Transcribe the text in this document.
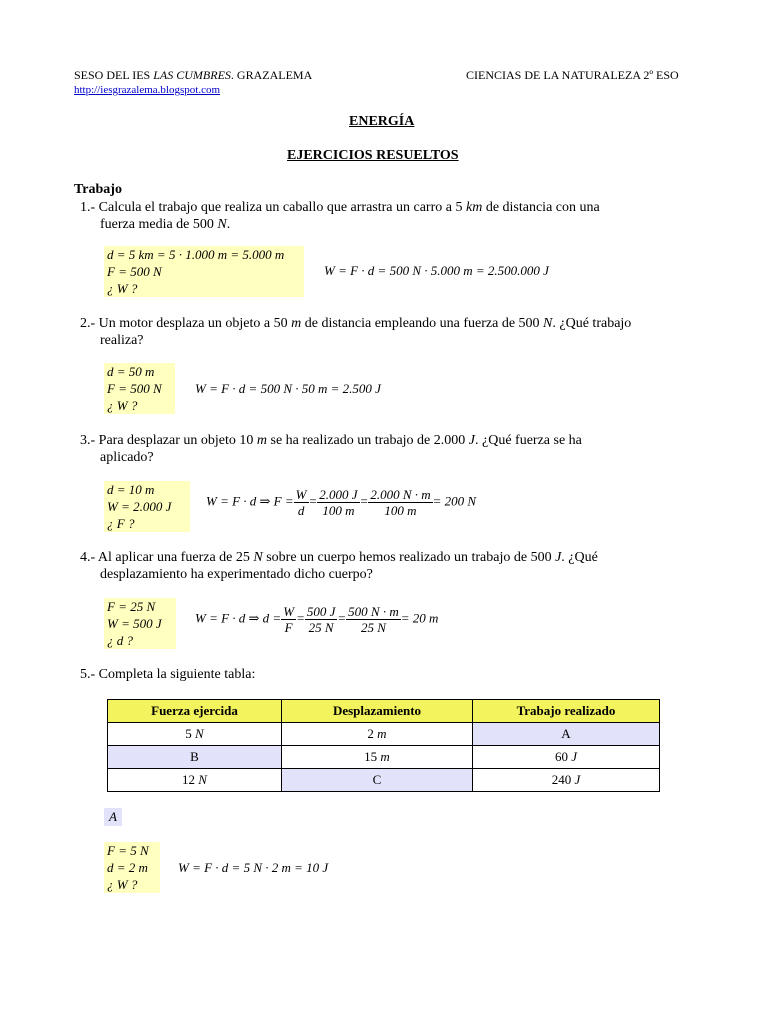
SESO DEL IES LAS CUMBRES. GRAZALEMA	CIENCIAS DE LA NATURALEZA 2º ESO
http://iesgrazalema.blogspot.com
ENERGÍA
EJERCICIOS RESUELTOS
Trabajo
1.- Calcula el trabajo que realiza un caballo que arrastra un carro a 5 km de distancia con una
fuerza media de 500 N.
d = 5 km = 5 · 1.000 m = 5.000 m
F = 500 N
¿ W ?
W = F · d = 500 N · 5.000 m = 2.500.000 J
2.- Un motor desplaza un objeto a 50 m de distancia empleando una fuerza de 500 N. ¿Qué trabajo
realiza?
d = 50 m
F = 500 N
¿ W ?
W = F · d = 500 N · 50 m = 2.500 J
3.- Para desplazar un objeto 10 m se ha realizado un trabajo de 2.000 J. ¿Qué fuerza se ha
aplicado?
d = 10 m
W = 2.000 J
¿ F ?
W = F · d ⇒ $F = \frac{W}{d} = \frac{2.000 J}{100 m} = \frac{2.000 N \cdot m}{100 m} = 200$ N
4.- Al aplicar una fuerza de 25 N sobre un cuerpo hemos realizado un trabajo de 500 J. ¿Qué
desplazamiento ha experimentado dicho cuerpo?
F = 25 N
W = 500 J
¿ d ?
W = F · d ⇒ $d = \frac{W}{F} = \frac{500 J}{25 N} = \frac{500 N \cdot m}{25 N} = 20$ m
5.- Completa la siguiente tabla:
Fuerza ejercida	Desplazamiento	Trabajo realizado
5 N	2 m	A
B	15 m	60 J
12 N	C	240 J
A
F = 5 N
d = 2 m
¿ W ?
W = F · d = 5 N · 2 m = 10 J
